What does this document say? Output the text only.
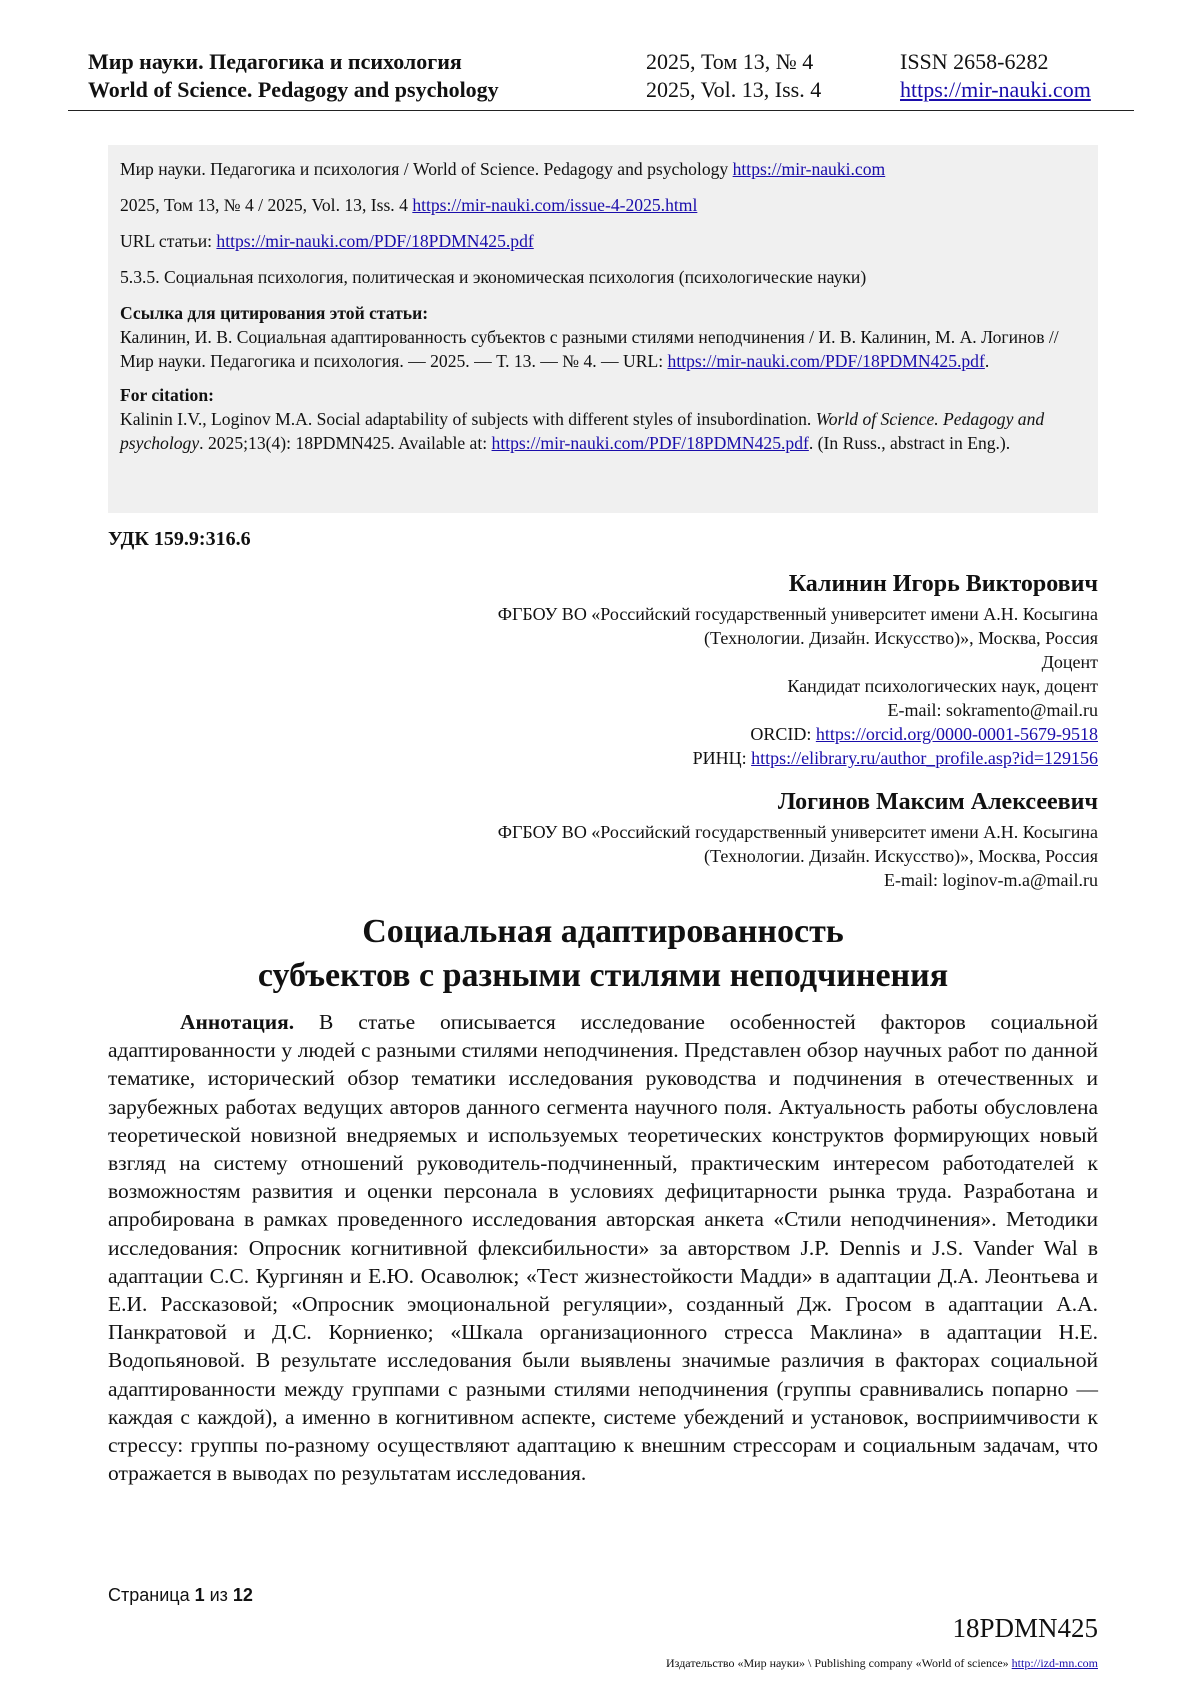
Мир науки. Педагогика и психология
World of Science. Pedagogy and psychology
2025, Том 13, № 4
2025, Vol. 13, Iss. 4
ISSN 2658-6282
https://mir-nauki.com

Мир науки. Педагогика и психология / World of Science. Pedagogy and psychology https://mir-nauki.com

2025, Том 13, № 4 / 2025, Vol. 13, Iss. 4 https://mir-nauki.com/issue-4-2025.html

URL статьи: https://mir-nauki.com/PDF/18PDMN425.pdf

5.3.5. Социальная психология, политическая и экономическая психология (психологические науки)

Ссылка для цитирования этой статьи:
Калинин, И. В. Социальная адаптированность субъектов с разными стилями неподчинения / И. В. Калинин, М. А. Логинов // Мир науки. Педагогика и психология. — 2025. — Т. 13. — № 4. — URL: https://mir-nauki.com/PDF/18PDMN425.pdf.
For citation:
Kalinin I.V., Loginov M.A. Social adaptability of subjects with different styles of insubordination. World of Science. Pedagogy and psychology. 2025;13(4): 18PDMN425. Available at: https://mir-nauki.com/PDF/18PDMN425.pdf. (In Russ., abstract in Eng.).
УДК 159.9:316.6
Калинин Игорь Викторович
ФГБОУ ВО «Российский государственный университет имени А.Н. Косыгина
(Технологии. Дизайн. Искусство)», Москва, Россия
Доцент
Кандидат психологических наук, доцент
E-mail: sokramento@mail.ru
ORCID: https://orcid.org/0000-0001-5679-9518
РИНЦ: https://elibrary.ru/author_profile.asp?id=129156
Логинов Максим Алексеевич
ФГБОУ ВО «Российский государственный университет имени А.Н. Косыгина
(Технологии. Дизайн. Искусство)», Москва, Россия
E-mail: loginov-m.a@mail.ru
Социальная адаптированность
субъектов с разными стилями неподчинения
Аннотация. В статье описывается исследование особенностей факторов социальной адаптированности у людей с разными стилями неподчинения. Представлен обзор научных работ по данной тематике, исторический обзор тематики исследования руководства и подчинения в отечественных и зарубежных работах ведущих авторов данного сегмента научного поля. Актуальность работы обусловлена теоретической новизной внедряемых и используемых теоретических конструктов формирующих новый взгляд на систему отношений руководитель-подчиненный, практическим интересом работодателей к возможностям развития и оценки персонала в условиях дефицитарности рынка труда. Разработана и апробирована в рамках проведенного исследования авторская анкета «Стили неподчинения». Методики исследования: Опросник когнитивной флексибильности» за авторством J.P. Dennis и J.S. Vander Wal в адаптации С.С. Кургинян и Е.Ю. Осаволюк; «Тест жизнестойкости Мадди» в адаптации Д.А. Леонтьева и Е.И. Рассказовой; «Опросник эмоциональной регуляции», созданный Дж. Гросом в адаптации А.А. Панкратовой и Д.С. Корниенко; «Шкала организационного стресса Маклина» в адаптации Н.Е. Водопьяновой. В результате исследования были выявлены значимые различия в факторах социальной адаптированности между группами с разными стилями неподчинения (группы сравнивались попарно — каждая с каждой), а именно в когнитивном аспекте, системе убеждений и установок, восприимчивости к стрессу: группы по-разному осуществляют адаптацию к внешним стрессорам и социальным задачам, что отражается в выводах по результатам исследования.
Страница 1 из 12
18PDMN425
Издательство «Мир науки» \ Publishing company «World of science» http://izd-mn.com
